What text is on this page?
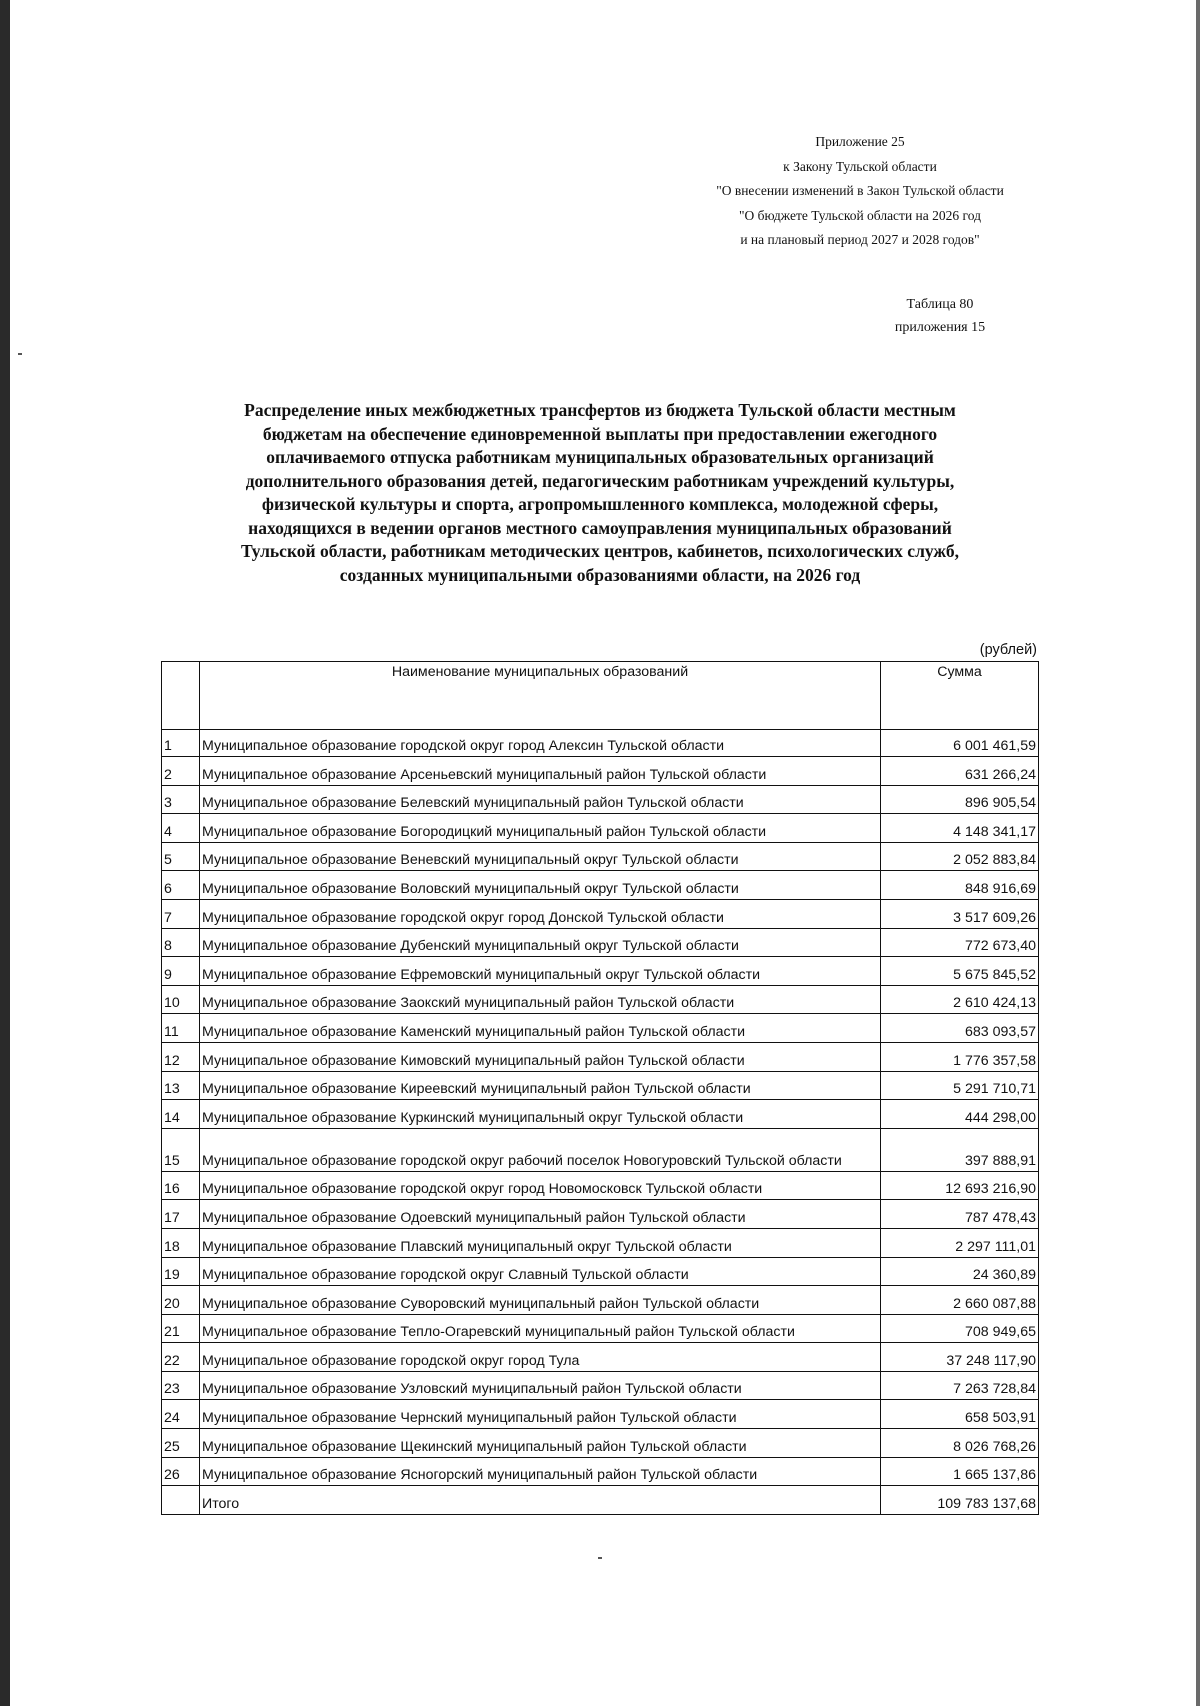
Приложение 25
к Закону Тульской области
"О внесении изменений в Закон Тульской области
"О бюджете Тульской области на 2026 год
и на плановый период 2027 и 2028 годов"
Таблица 80
приложения 15
Распределение иных межбюджетных трансфертов из бюджета Тульской области местным
бюджетам на обеспечение единовременной выплаты при предоставлении ежегодного
оплачиваемого отпуска работникам муниципальных образовательных организаций
дополнительного образования детей, педагогическим работникам учреждений культуры,
физической культуры и спорта, агропромышленного комплекса, молодежной сферы,
находящихся в ведении органов местного самоуправления муниципальных образований
Тульской области, работникам методических центров, кабинетов, психологических служб,
созданных муниципальными образованиями области, на 2026 год
(рублей)
	Наименование муниципальных образований	Сумма
1	Муниципальное образование городской округ город Алексин Тульской области	6 001 461,59
2	Муниципальное образование Арсеньевский муниципальный район Тульской области	631 266,24
3	Муниципальное образование Белевский муниципальный район Тульской области	896 905,54
4	Муниципальное образование Богородицкий муниципальный район Тульской области	4 148 341,17
5	Муниципальное образование Веневский муниципальный округ Тульской области	2 052 883,84
6	Муниципальное образование Воловский муниципальный округ Тульской области	848 916,69
7	Муниципальное образование городской округ город Донской Тульской области	3 517 609,26
8	Муниципальное образование Дубенский муниципальный округ Тульской области	772 673,40
9	Муниципальное образование Ефремовский муниципальный округ Тульской области	5 675 845,52
10	Муниципальное образование Заокский муниципальный район Тульской области	2 610 424,13
11	Муниципальное образование Каменский муниципальный район Тульской области	683 093,57
12	Муниципальное образование Кимовский муниципальный район Тульской области	1 776 357,58
13	Муниципальное образование Киреевский муниципальный район Тульской области	5 291 710,71
14	Муниципальное образование Куркинский муниципальный округ Тульской области	444 298,00
15	Муниципальное образование городской округ рабочий поселок Новогуровский Тульской области	397 888,91
16	Муниципальное образование городской округ город Новомосковск Тульской области	12 693 216,90
17	Муниципальное образование Одоевский муниципальный район Тульской области	787 478,43
18	Муниципальное образование Плавский муниципальный округ Тульской области	2 297 111,01
19	Муниципальное образование городской округ Славный Тульской области	24 360,89
20	Муниципальное образование Суворовский муниципальный район Тульской области	2 660 087,88
21	Муниципальное образование Тепло-Огаревский муниципальный район Тульской области	708 949,65
22	Муниципальное образование городской округ город Тула	37 248 117,90
23	Муниципальное образование Узловский муниципальный район Тульской области	7 263 728,84
24	Муниципальное образование Чернский муниципальный район Тульской области	658 503,91
25	Муниципальное образование Щекинский муниципальный район Тульской области	8 026 768,26
26	Муниципальное образование Ясногорский муниципальный район Тульской области	1 665 137,86
	Итого	109 783 137,68
